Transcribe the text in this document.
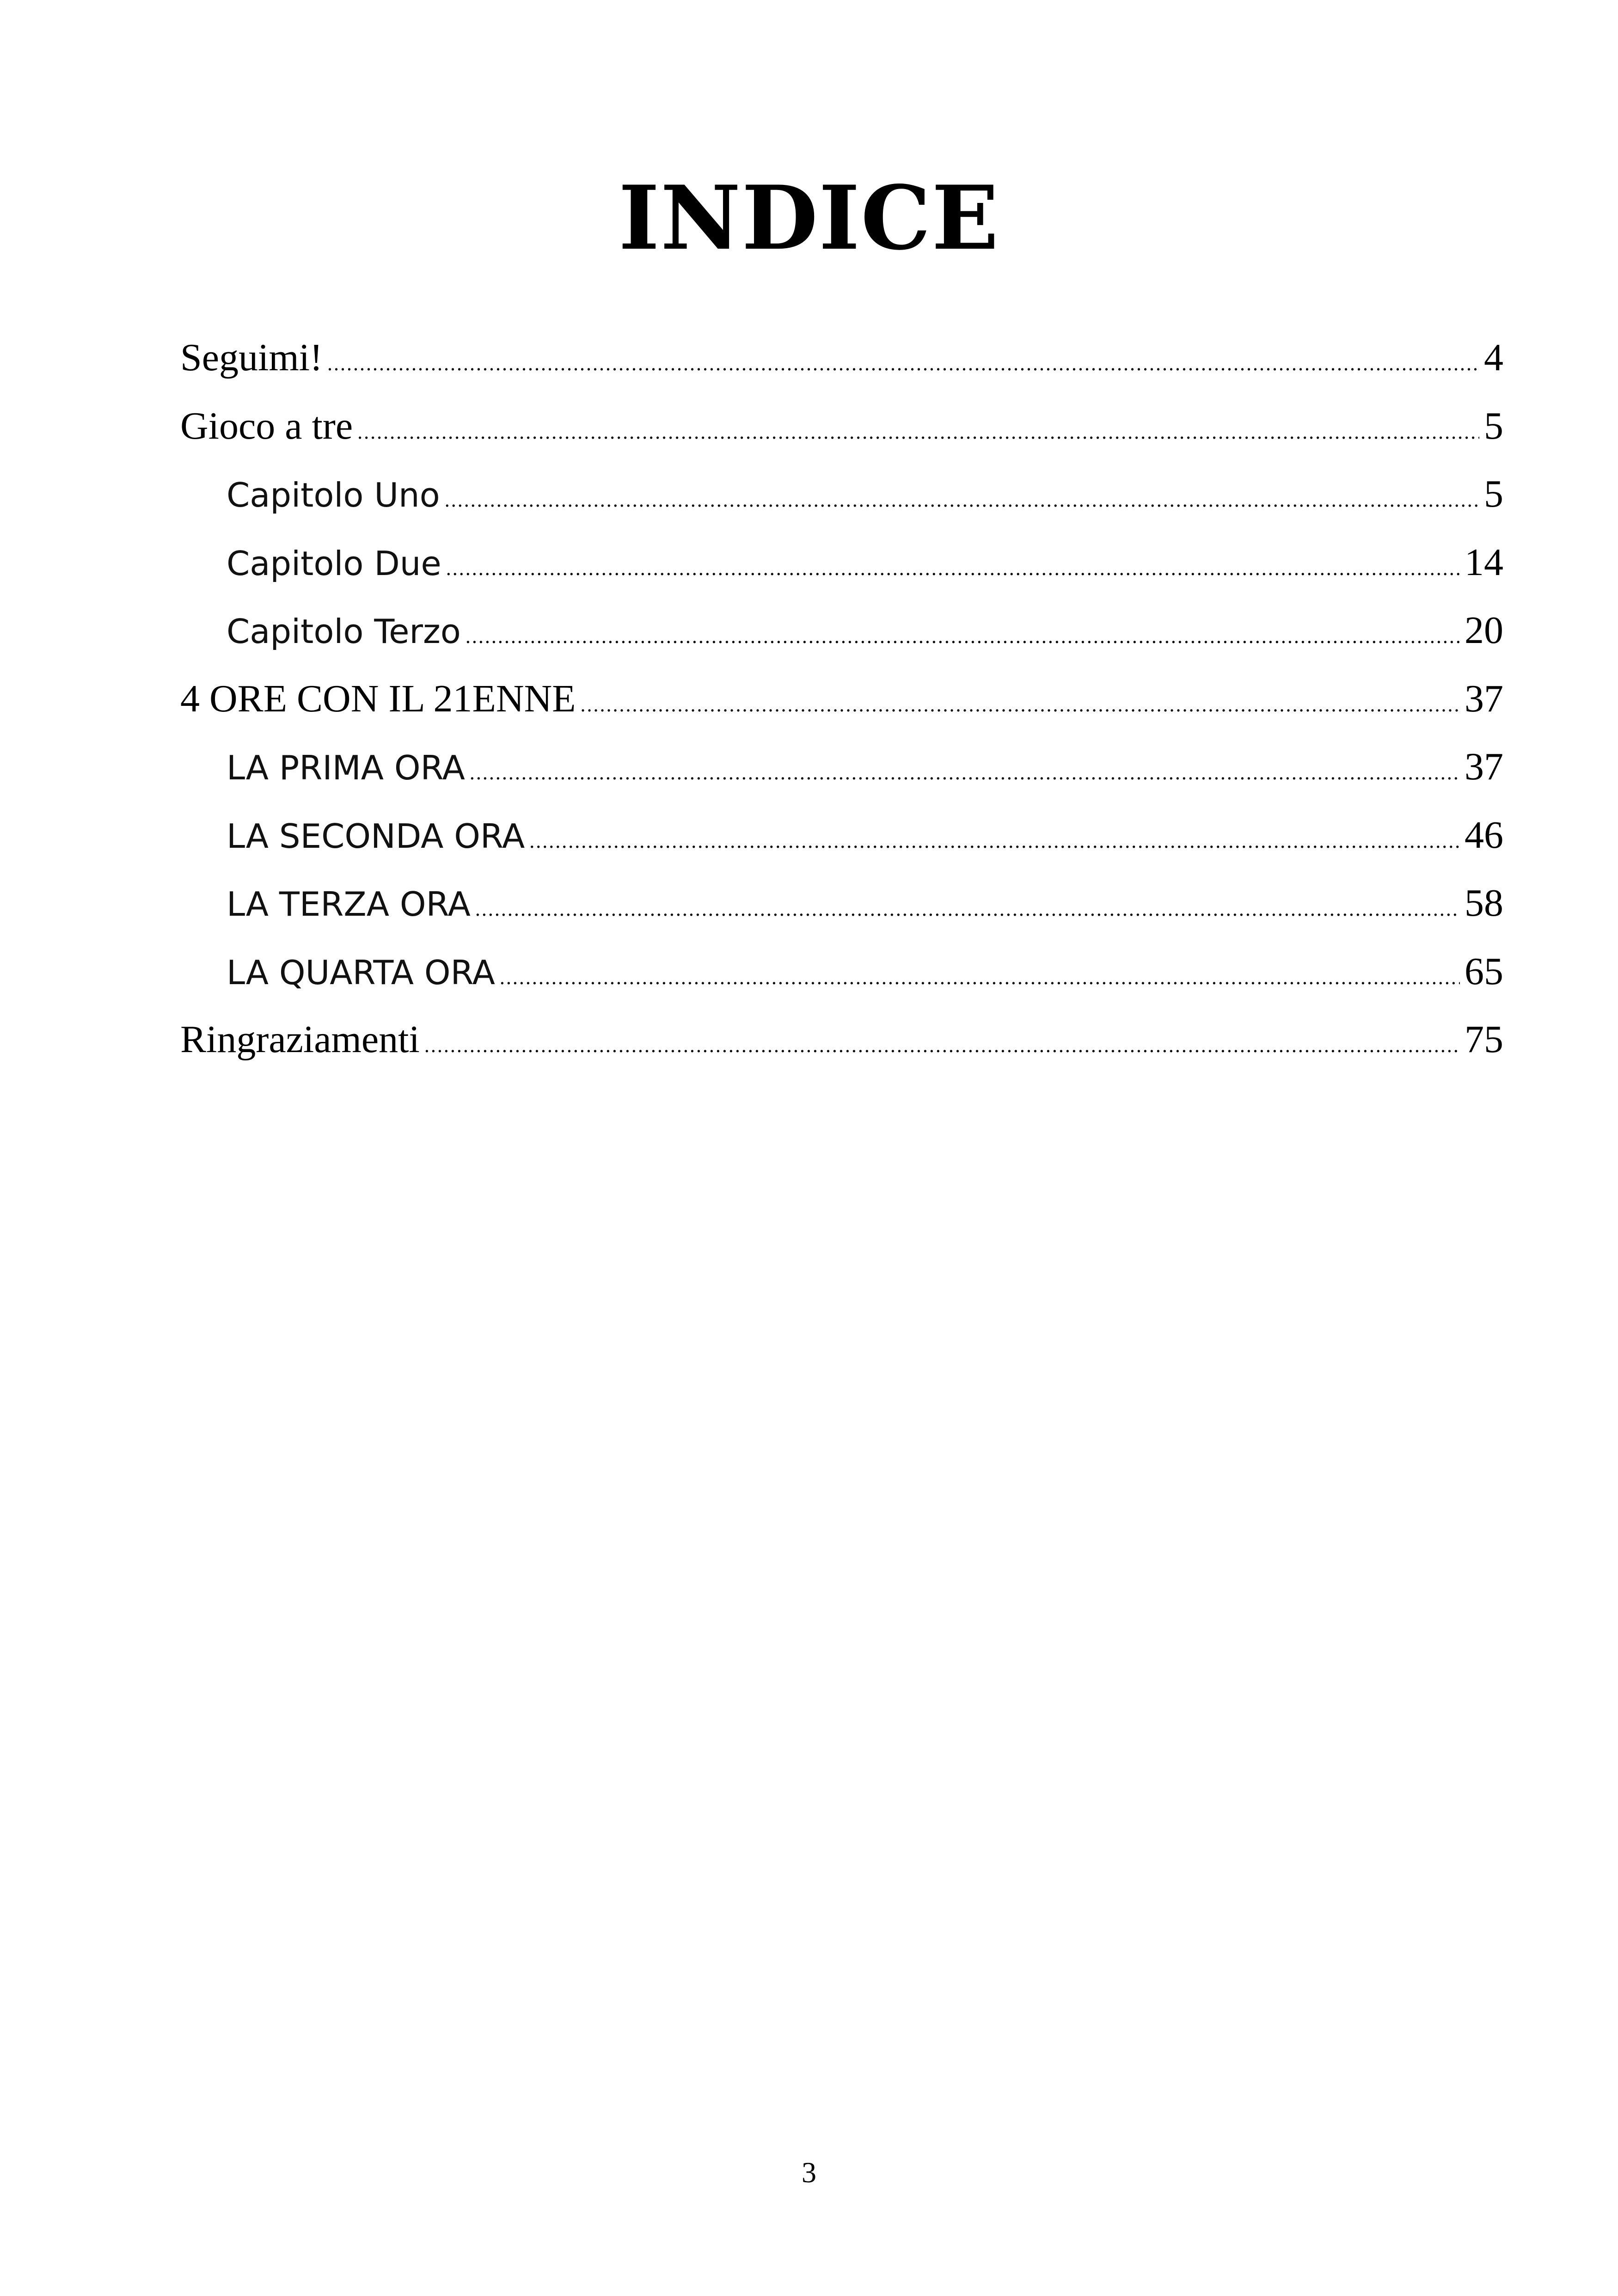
INDICE
Seguimi! .....	4
Gioco a tre .....	5
Capitolo Uno .....	5
Capitolo Due .....	14
Capitolo Terzo .....	20
4 ORE CON IL 21ENNE .....	37
LA PRIMA ORA .....	37
LA SECONDA ORA .....	46
LA TERZA ORA .....	58
LA QUARTA ORA .....	65
Ringraziamenti .....	75
3
